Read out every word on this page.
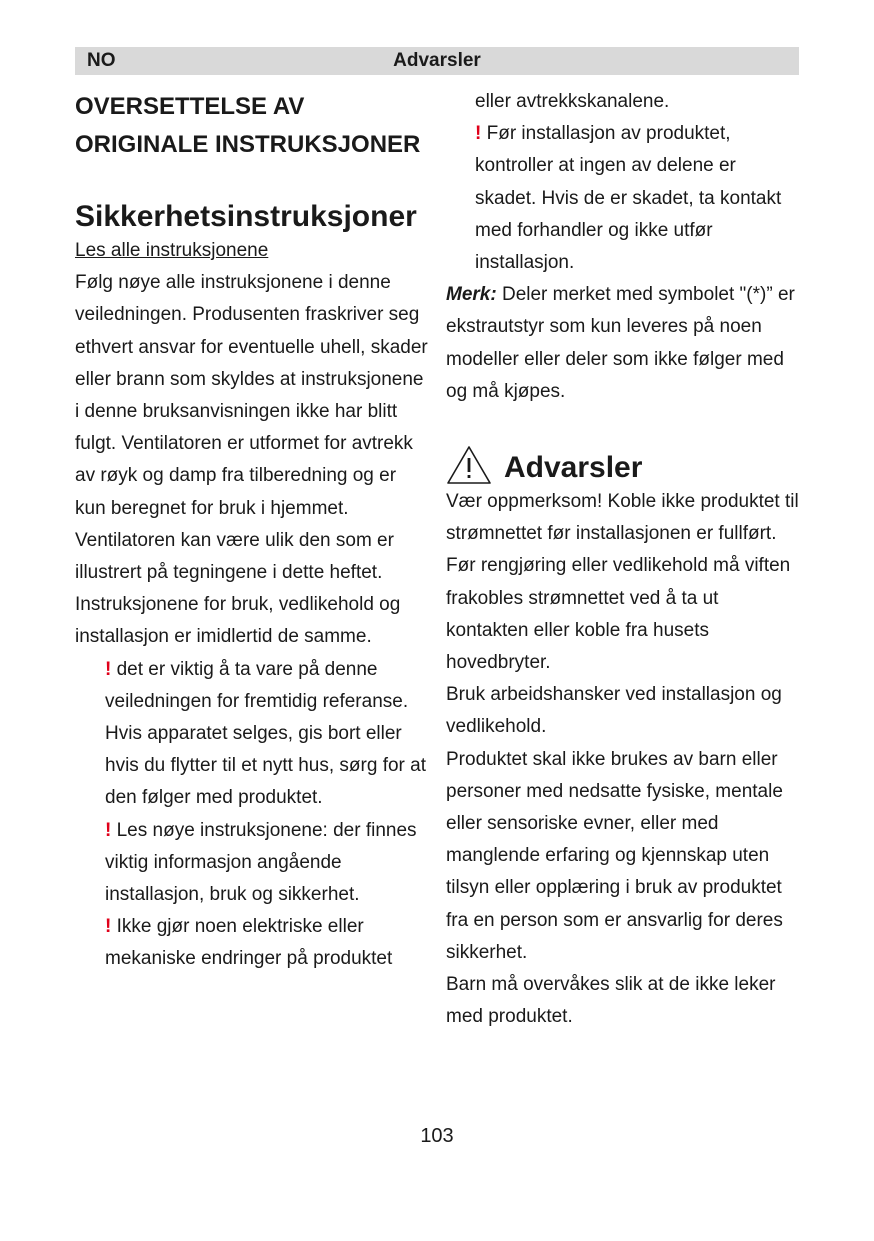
Advarsler
NO
OVERSETTELSE AV ORIGINALE INSTRUKSJONER
Sikkerhetsinstruksjoner

Les alle instruksjonene

Følg nøye alle instruksjonene i denne veiledningen. Produsenten fraskriver seg ethvert ansvar for eventuelle uhell, skader eller brann som skyldes at instruksjonene i denne bruksanvisningen ikke har blitt fulgt. Ventilatoren er utformet for avtrekk av røyk og damp fra tilberedning og er kun beregnet for bruk i hjemmet. Ventilatoren kan være ulik den som er illustrert på tegningene i dette heftet. Instruksjonene for bruk, vedlikehold og installasjon er imidlertid de samme.

! det er viktig å ta vare på denne veiledningen for fremtidig referanse. Hvis apparatet selges, gis bort eller hvis du flytter til et nytt hus, sørg for at den følger med produktet.

! Les nøye instruksjonene: der finnes viktig informasjon angående installasjon, bruk og sikkerhet.

! Ikke gjør noen elektriske eller mekaniske endringer på produktet

eller avtrekkskanalene.

! Før installasjon av produktet, kontroller at ingen av delene er skadet. Hvis de er skadet, ta kontakt med forhandler og ikke utfør installasjon.

Merk: Deler merket med symbolet "(*)” er ekstrautstyr som kun leveres på noen modeller eller deler som ikke følger med og må kjøpes.

Advarsler

Vær oppmerksom! Koble ikke produktet til strømnettet før installasjonen er fullført.

Før rengjøring eller vedlikehold må viften frakobles strømnettet ved å ta ut kontakten eller koble fra husets hovedbryter.

Bruk arbeidshansker ved installasjon og vedlikehold.

Produktet skal ikke brukes av barn eller personer med nedsatte fysiske, mentale eller sensoriske evner, eller med manglende erfaring og kjennskap uten tilsyn eller opplæring i bruk av produktet fra en person som er ansvarlig for deres sikkerhet.

Barn må overvåkes slik at de ikke leker med produktet.

103
